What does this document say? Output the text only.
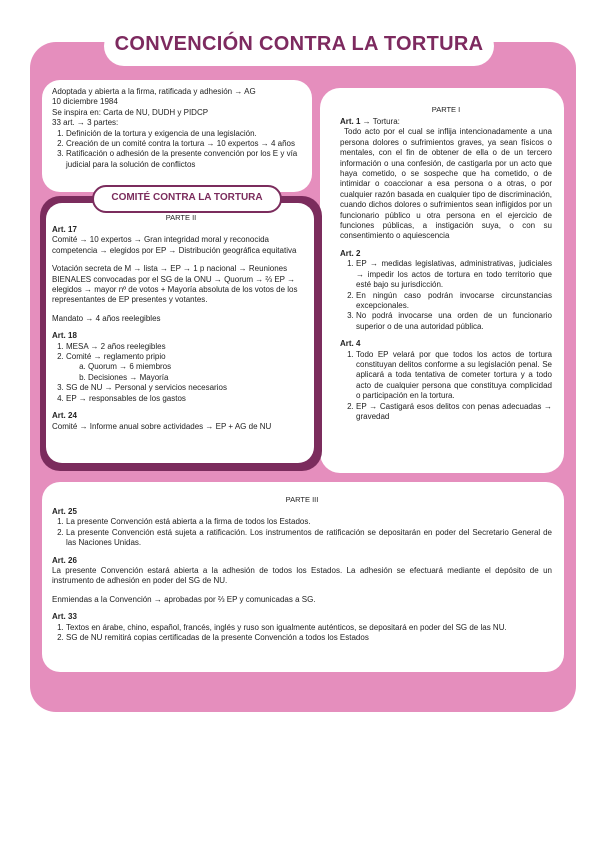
CONVENCIÓN CONTRA LA TORTURA

Adoptada y abierta a la firma, ratificada y adhesión → AG

10 diciembre 1984

Se inspira en: Carta de NU, DUDH y PIDCP

33 art. → 3 partes:

1. Definición de la tortura y exigencia de una legislación.
2. Creación de un comité contra la tortura → 10 expertos → 4 años
3. Ratificación o adhesión de la presente convención por los E y vía judicial para la solución de conflictos

PARTE I

Art. 1 → Tortura:

Todo acto por el cual se inflija intencionadamente a una persona dolores o sufrimientos graves, ya sean físicos o mentales, con el fin de obtener de ella o de un tercero información o una confesión, de castigarla por un acto que haya cometido, o se sospeche que ha cometido, o de intimidar o coaccionar a esa persona o a otras, o por cualquier razón basada en cualquier tipo de discriminación, cuando dichos dolores o sufrimientos sean infligidos por un funcionario público u otra persona en el ejercicio de funciones públicas, a instigación suya, o con su consentimiento o aquiescencia

Art. 2

1. EP → medidas legislativas, administrativas, judiciales → impedir los actos de tortura en todo territorio que esté bajo su jurisdicción.
2. En ningún caso podrán invocarse circunstancias excepcionales.
3. No podrá invocarse una orden de un funcionario superior o de una autoridad pública.

Art. 4

1. Todo EP velará por que todos los actos de tortura constituyan delitos conforme a su legislación penal. Se aplicará a toda tentativa de cometer tortura y a todo acto de cualquier persona que constituya complicidad o participación en la tortura.
2. EP → Castigará esos delitos con penas adecuadas → gravedad
COMITÉ CONTRA LA TORTURA

PARTE II

Art. 17

Comité → 10 expertos → Gran integridad moral y reconocida competencia → elegidos por EP → Distribución geográfica equitativa

Votación secreta de M → lista → EP → 1 p nacional → Reuniones BIENALES convocadas por el SG de la ONU → Quorum → ⅔ EP → elegidos → mayor nº de votos + Mayoría absoluta de los votos de los representantes de EP presentes y votantes.

Mandato → 4 años reelegibles

Art. 18

1. MESA → 2 años reelegibles
2. Comité → reglamento pripio
a. Quorum → 6 miembros
b. Decisiones → Mayoría
3. SG de NU → Personal y servicios necesarios
4. EP → responsables de los gastos

Art. 24

Comité → Informe anual sobre actividades → EP + AG de NU

PARTE III

Art. 25

1. La presente Convención está abierta a la firma de todos los Estados.
2. La presente Convención está sujeta a ratificación. Los instrumentos de ratificación se depositarán en poder del Secretario General de las Naciones Unidas.

Art. 26

La presente Convención estará abierta a la adhesión de todos los Estados. La adhesión se efectuará mediante el depósito de un instrumento de adhesión en poder del SG de NU.

Enmiendas a la Convención → aprobadas por ⅔ EP y comunicadas a SG.

Art. 33

1. Textos en árabe, chino, español, francés, inglés y ruso son igualmente auténticos, se depositará en poder del SG de las NU.
2. SG de NU remitirá copias certificadas de la presente Convención a todos los Estados
